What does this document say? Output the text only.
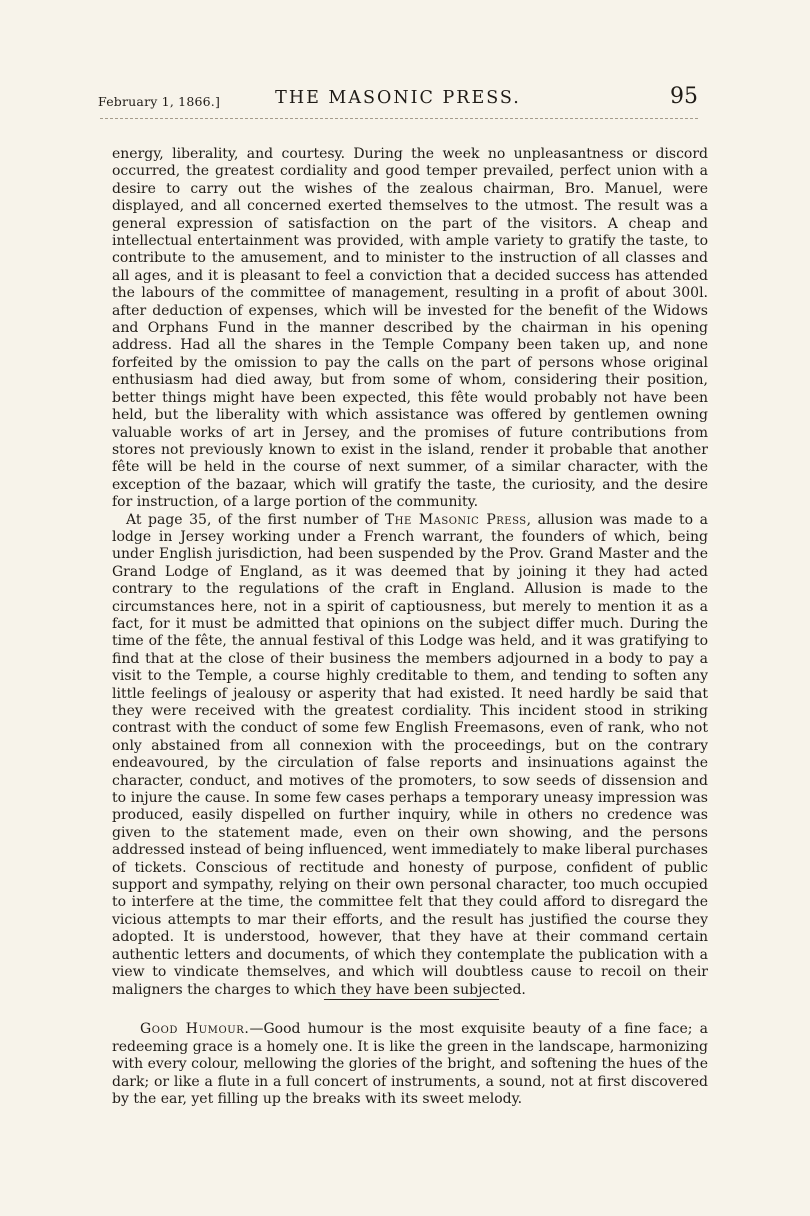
February 1, 1866.]	THE MASONIC PRESS.	95

energy, liberality, and courtesy. During the week no unpleasantness or discord occurred, the greatest cordiality and good temper prevailed, perfect union with a desire to carry out the wishes of the zealous chairman, Bro. Manuel, were displayed, and all concerned exerted themselves to the utmost. The result was a general expression of satisfaction on the part of the visitors. A cheap and intellectual entertainment was provided, with ample variety to gratify the taste, to contribute to the amusement, and to minister to the instruction of all classes and all ages, and it is pleasant to feel a conviction that a decided success has attended the labours of the committee of management, resulting in a profit of about 300l. after deduction of expenses, which will be invested for the benefit of the Widows and Orphans Fund in the manner described by the chairman in his opening address. Had all the shares in the Temple Company been taken up, and none forfeited by the omission to pay the calls on the part of persons whose original enthusiasm had died away, but from some of whom, considering their position, better things might have been expected, this fête would probably not have been held, but the liberality with which assistance was offered by gentlemen owning valuable works of art in Jersey, and the promises of future contributions from stores not previously known to exist in the island, render it probable that another fête will be held in the course of next summer, of a similar character, with the exception of the bazaar, which will gratify the taste, the curiosity, and the desire for instruction, of a large portion of the community.

At page 35, of the first number of The Masonic Press, allusion was made to a lodge in Jersey working under a French warrant, the founders of which, being under English jurisdiction, had been suspended by the Prov. Grand Master and the Grand Lodge of England, as it was deemed that by joining it they had acted contrary to the regulations of the craft in England. Allusion is made to the circumstances here, not in a spirit of captiousness, but merely to mention it as a fact, for it must be admitted that opinions on the subject differ much. During the time of the fête, the annual festival of this Lodge was held, and it was gratifying to find that at the close of their business the members adjourned in a body to pay a visit to the Temple, a course highly creditable to them, and tending to soften any little feelings of jealousy or asperity that had existed. It need hardly be said that they were received with the greatest cordiality. This incident stood in striking contrast with the conduct of some few English Freemasons, even of rank, who not only abstained from all connexion with the proceedings, but on the contrary endeavoured, by the circulation of false reports and insinuations against the character, conduct, and motives of the promoters, to sow seeds of dissension and to injure the cause. In some few cases perhaps a temporary uneasy impression was produced, easily dispelled on further inquiry, while in others no credence was given to the statement made, even on their own showing, and the persons addressed instead of being influenced, went immediately to make liberal purchases of tickets. Conscious of rectitude and honesty of purpose, confident of public support and sympathy, relying on their own personal character, too much occupied to interfere at the time, the committee felt that they could afford to disregard the vicious attempts to mar their efforts, and the result has justified the course they adopted. It is understood, however, that they have at their command certain authentic letters and documents, of which they contemplate the publication with a view to vindicate themselves, and which will doubtless cause to recoil on their maligners the charges to which they have been subjected.

Good Humour.—Good humour is the most exquisite beauty of a fine face; a redeeming grace is a homely one. It is like the green in the landscape, harmonizing with every colour, mellowing the glories of the bright, and softening the hues of the dark; or like a flute in a full concert of instruments, a sound, not at first discovered by the ear, yet filling up the breaks with its sweet melody.
